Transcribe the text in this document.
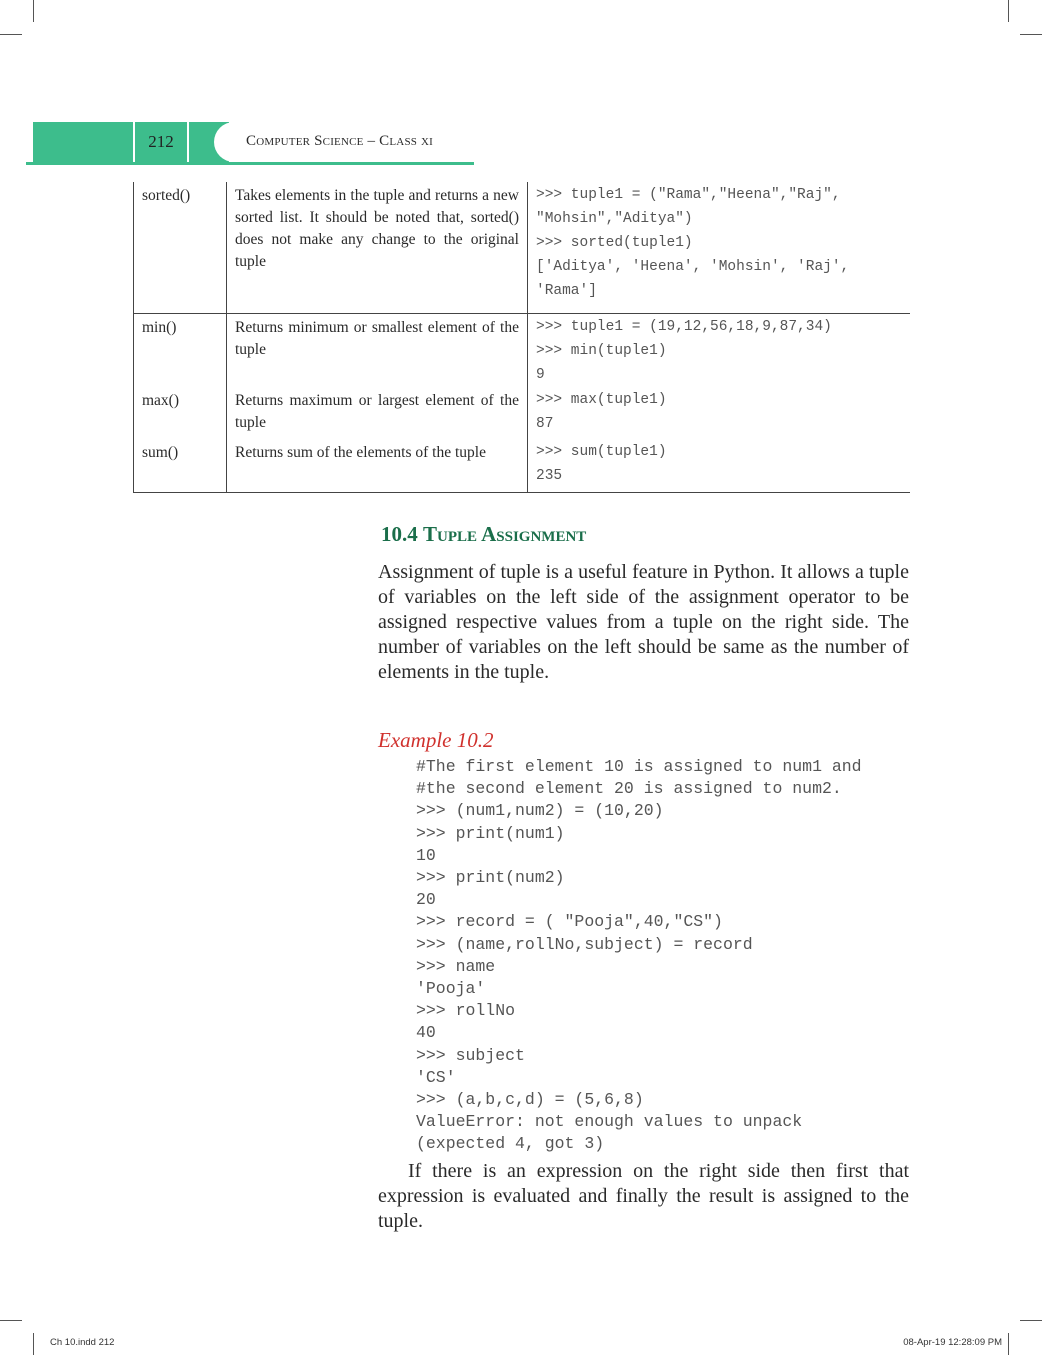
212	Computer Science – Class xi
sorted()	Takes elements in the tuple and returns a new sorted list. It should be noted that, sorted() does not make any change to the original tuple	>>> tuple1 = ("Rama","Heena","Raj",
"Mohsin","Aditya")
>>> sorted(tuple1)
['Aditya', 'Heena', 'Mohsin', 'Raj',
'Rama']
min()	Returns minimum or smallest element of the tuple	>>> tuple1 = (19,12,56,18,9,87,34)
>>> min(tuple1)
9
max()	Returns maximum or largest element of the tuple	>>> max(tuple1)
87
sum()	Returns sum of the elements of the tuple	>>> sum(tuple1)
235
10.4 Tuple Assignment
Assignment of tuple is a useful feature in Python. It allows a tuple of variables on the left side of the assignment operator to be assigned respective values from a tuple on the right side. The number of variables on the left should be same as the number of elements in the tuple.
Example 10.2
#The first element 10 is assigned to num1 and
#the second element 20 is assigned to num2.
>>> (num1,num2) = (10,20)
>>> print(num1)
10
>>> print(num2)
20
>>> record = ( "Pooja",40,"CS")
>>> (name,rollNo,subject) = record
>>> name
'Pooja'
>>> rollNo
40
>>> subject
'CS'
>>> (a,b,c,d) = (5,6,8)
ValueError: not enough values to unpack
(expected 4, got 3)
If there is an expression on the right side then first that expression is evaluated and finally the result is assigned to the tuple.
Ch 10.indd 212	08-Apr-19 12:28:09 PM
